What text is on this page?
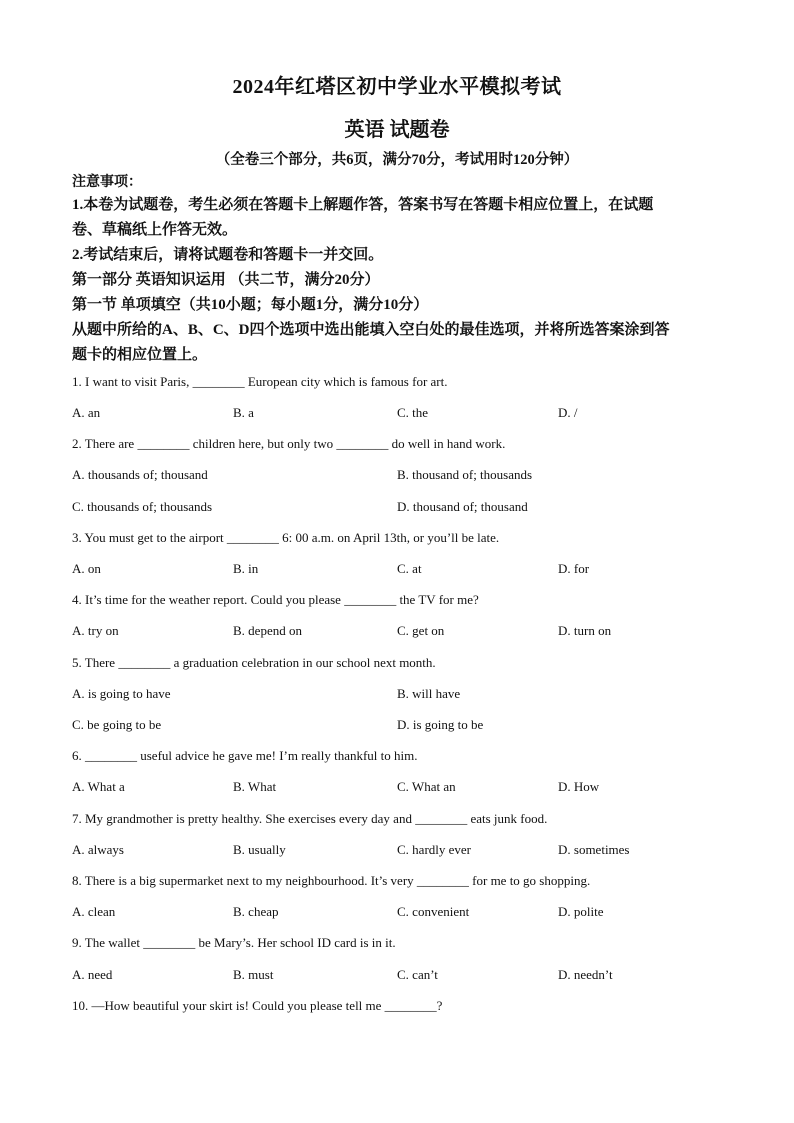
2024年红塔区初中学业水平模拟考试
英语 试题卷
（全卷三个部分，共6页，满分70分，考试用时120分钟）
注意事项：
1.本卷为试题卷，考生必须在答题卡上解题作答，答案书写在答题卡相应位置上，在试题
卷、草稿纸上作答无效。
2.考试结束后，请将试题卷和答题卡一并交回。
第一部分 英语知识运用 （共二节，满分20分）
第一节 单项填空（共10小题；每小题1分，满分10分）
从题中所给的A、B、C、D四个选项中选出能填入空白处的最佳选项，并将所选答案涂到答
题卡的相应位置上。
1. I want to visit Paris, ________ European city which is famous for art.
A. an	B. a	C. the	D. /
2. There are ________ children here, but only two ________ do well in hand work.
A. thousands of; thousand	B. thousand of; thousands
C. thousands of; thousands	D. thousand of; thousand
3. You must get to the airport ________ 6: 00 a.m. on April 13th, or you’ll be late.
A. on	B. in	C. at	D. for
4. It’s time for the weather report. Could you please ________ the TV for me?
A. try on	B. depend on	C. get on	D. turn on
5. There ________ a graduation celebration in our school next month.
A. is going to have	B. will have
C. be going to be	D. is going to be
6. ________ useful advice he gave me! I’m really thankful to him.
A. What a	B. What	C. What an	D. How
7. My grandmother is pretty healthy. She exercises every day and ________ eats junk food.
A. always	B. usually	C. hardly ever	D. sometimes
8. There is a big supermarket next to my neighbourhood. It’s very ________ for me to go shopping.
A. clean	B. cheap	C. convenient	D. polite
9. The wallet ________ be Mary’s. Her school ID card is in it.
A. need	B. must	C. can’t	D. needn’t
10. —How beautiful your skirt is! Could you please tell me ________?
